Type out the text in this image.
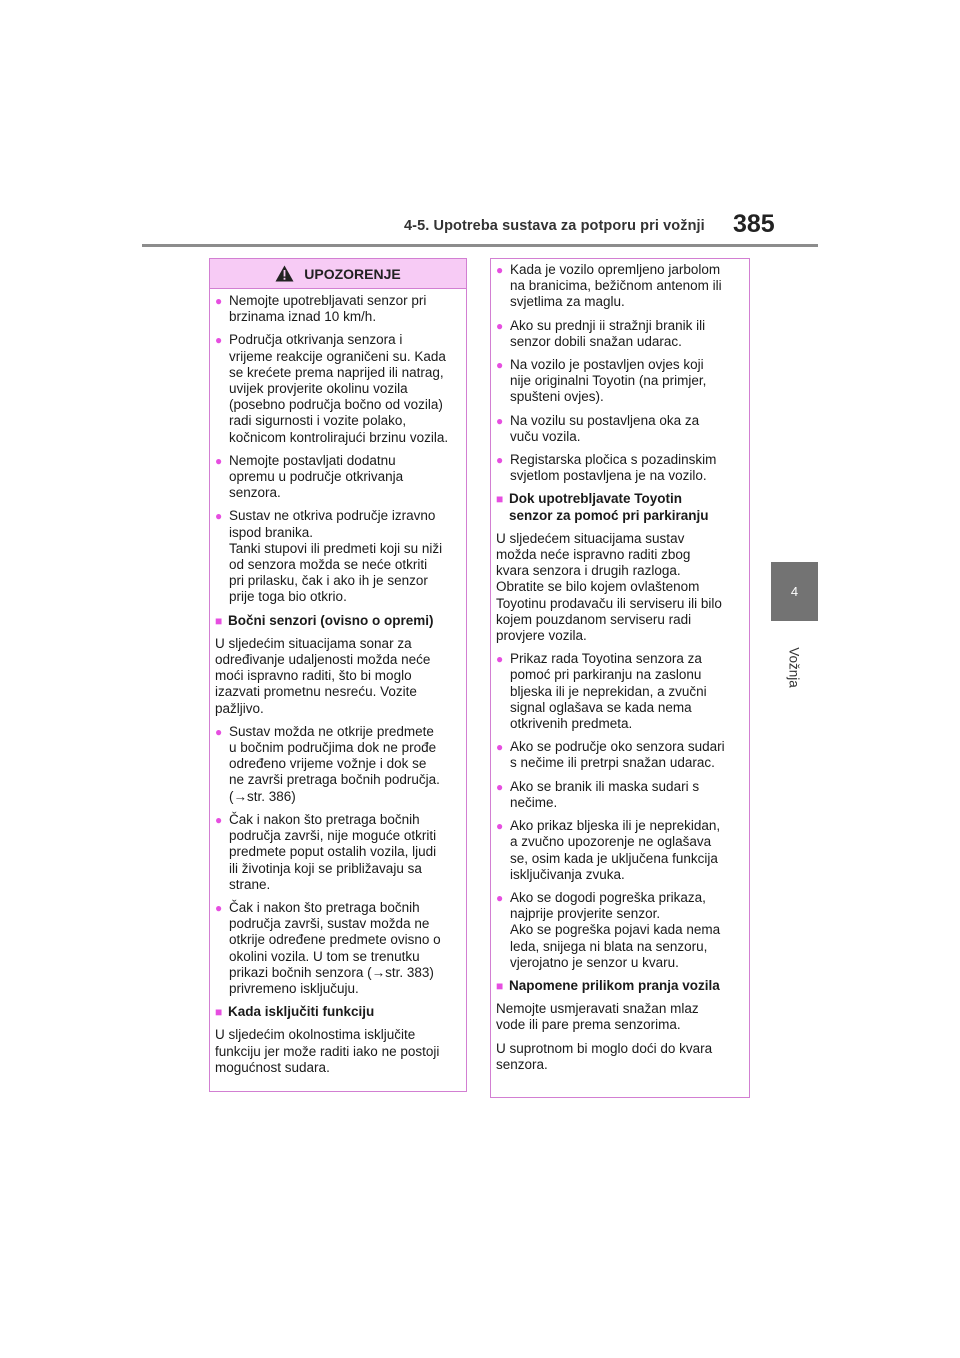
4-5. Upotreba sustava za potporu pri vožnji 385
4
Vožnja
UPOZORENJE
● Nemojte upotrebljavati senzor pri
brzinama iznad 10 km/h.
● Područja otkrivanja senzora i
vrijeme reakcije ograničeni su. Kada
se krećete prema naprijed ili natrag,
uvijek provjerite okolinu vozila
(posebno područja bočno od vozila)
radi sigurnosti i vozite polako,
kočnicom kontrolirajući brzinu vozila.
● Nemojte postavljati dodatnu
opremu u područje otkrivanja
senzora.
● Sustav ne otkriva područje izravno
ispod branika.
Tanki stupovi ili predmeti koji su niži
od senzora možda se neće otkriti
pri prilasku, čak i ako ih je senzor
prije toga bio otkrio.
■ Bočni senzori (ovisno o opremi)
U sljedećim situacijama sonar za
određivanje udaljenosti možda neće
moći ispravno raditi, što bi moglo
izazvati prometnu nesreću. Vozite
pažljivo.
● Sustav možda ne otkrije predmete
u bočnim područjima dok ne prođe
određeno vrijeme vožnje i dok se
ne završi pretraga bočnih područja.
(→str. 386)
● Čak i nakon što pretraga bočnih
područja završi, nije moguće otkriti
predmete poput ostalih vozila, ljudi
ili životinja koji se približavaju sa
strane.
● Čak i nakon što pretraga bočnih
područja završi, sustav možda ne
otkrije određene predmete ovisno o
okolini vozila. U tom se trenutku
prikazi bočnih senzora (→str. 383)
privremeno isključuju.
■ Kada isključiti funkciju
U sljedećim okolnostima isključite
funkciju jer može raditi iako ne postoji
mogućnost sudara.
● Kada je vozilo opremljeno jarbolom
na branicima, bežičnom antenom ili
svjetlima za maglu.
● Ako su prednji ii stražnji branik ili
senzor dobili snažan udarac.
● Na vozilo je postavljen ovjes koji
nije originalni Toyotin (na primjer,
spušteni ovjes).
● Na vozilu su postavljena oka za
vuču vozila.
● Registarska pločica s pozadinskim
svjetlom postavljena je na vozilo.
■ Dok upotrebljavate Toyotin
senzor za pomoć pri parkiranju
U sljedećem situacijama sustav
možda neće ispravno raditi zbog
kvara senzora i drugih razloga.
Obratite se bilo kojem ovlaštenom
Toyotinu prodavaču ili serviseru ili bilo
kojem pouzdanom serviseru radi
provjere vozila.
● Prikaz rada Toyotina senzora za
pomoć pri parkiranju na zaslonu
bljeska ili je neprekidan, a zvučni
signal oglašava se kada nema
otkrivenih predmeta.
● Ako se područje oko senzora sudari
s nečime ili pretrpi snažan udarac.
● Ako se branik ili maska sudari s
nečime.
● Ako prikaz bljeska ili je neprekidan,
a zvučno upozorenje ne oglašava
se, osim kada je uključena funkcija
isključivanja zvuka.
● Ako se dogodi pogreška prikaza,
najprije provjerite senzor.
Ako se pogreška pojavi kada nema
leda, snijega ni blata na senzoru,
vjerojatno je senzor u kvaru.
■ Napomene prilikom pranja vozila
Nemojte usmjeravati snažan mlaz
vode ili pare prema senzorima.
U suprotnom bi moglo doći do kvara
senzora.
